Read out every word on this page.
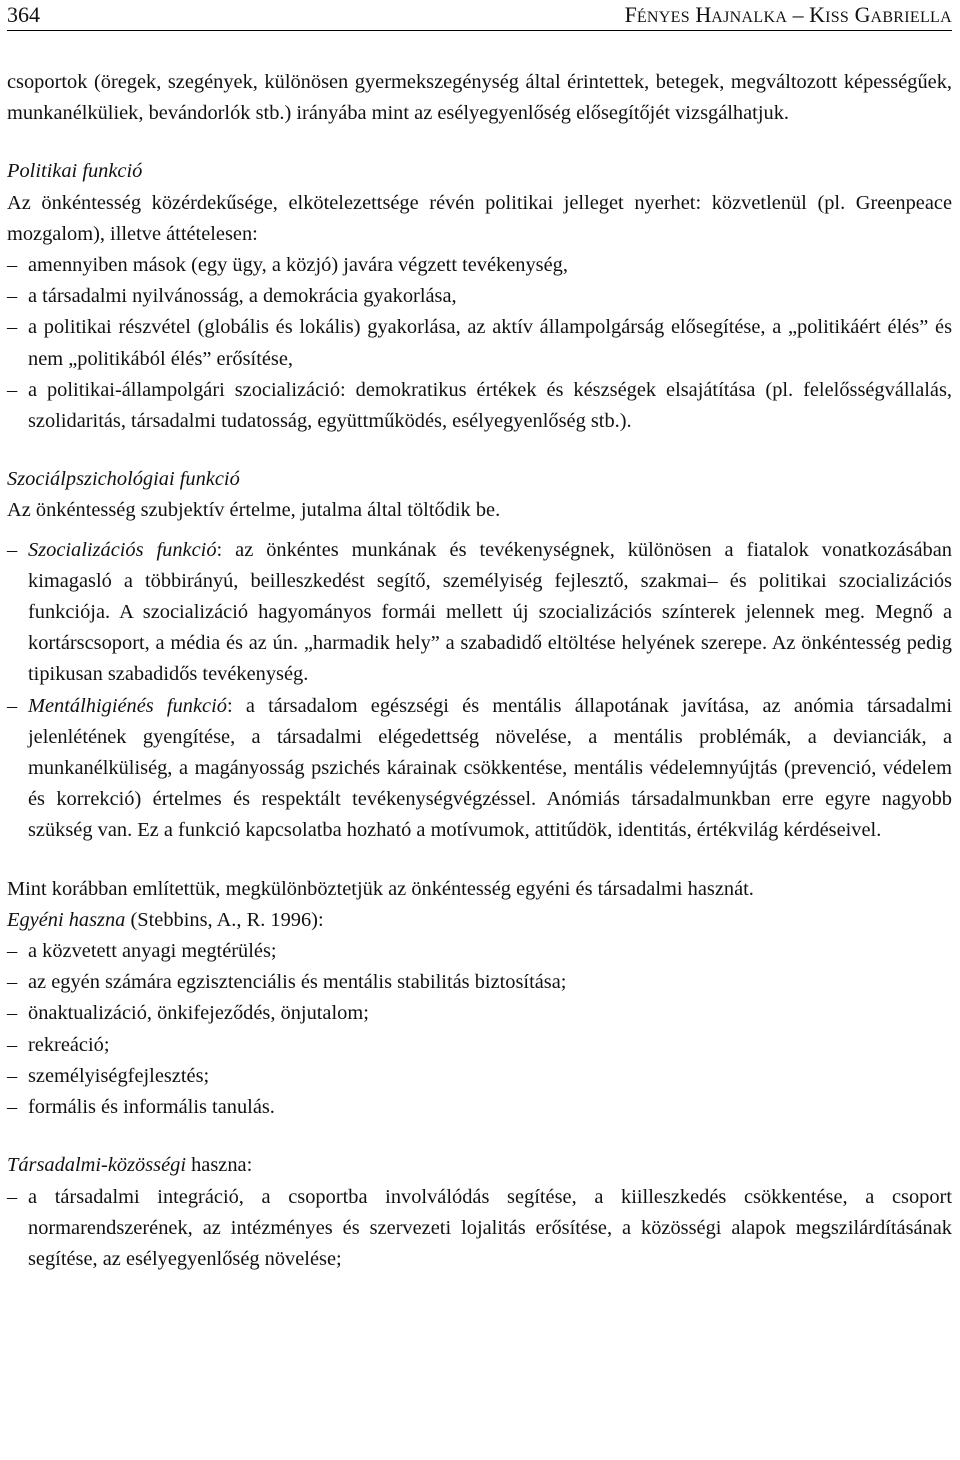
364	FÉNYES HAJNALKA – KISS GABRIELLA

csoportok (öregek, szegények, különösen gyermekszegénység által érintettek, betegek, megváltozott képességűek, munkanélküliek, bevándorlók stb.) irányába mint az esélyegyenlőség elősegítőjét vizsgálhatjuk.

Politikai funkció

Az önkéntesség közérdekűsége, elkötelezettsége révén politikai jelleget nyerhet: közvetlenül (pl. Greenpeace mozgalom), illetve áttételesen:

– amennyiben mások (egy ügy, a közjó) javára végzett tevékenység,
– a társadalmi nyilvánosság, a demokrácia gyakorlása,
– a politikai részvétel (globális és lokális) gyakorlása, az aktív állampolgárság elősegítése, a „politikáért élés” és nem „politikából élés” erősítése,
– a politikai-állampolgári szocializáció: demokratikus értékek és készségek elsajátítása (pl. felelősségvállalás, szolidaritás, társadalmi tudatosság, együttműködés, esélyegyenlőség stb.).

Szociálpszichológiai funkció

Az önkéntesség szubjektív értelme, jutalma által töltődik be.

– Szocializációs funkció: az önkéntes munkának és tevékenységnek, különösen a fiatalok vonatkozásában kimagasló a többirányú, beilleszkedést segítő, személyiség fejlesztő, szakmai– és politikai szocializációs funkciója. A szocializáció hagyományos formái mellett új szocializációs színterek jelennek meg. Megnő a kortárscsoport, a média és az ún. „harmadik hely” a szabadidő eltöltése helyének szerepe. Az önkéntesség pedig tipikusan szabadidős tevékenység.
– Mentálhigiénés funkció: a társadalom egészségi és mentális állapotának javítása, az anómia társadalmi jelenlétének gyengítése, a társadalmi elégedettség növelése, a mentális problémák, a devianciák, a munkanélküliség, a magányosság pszichés kárainak csökkentése, mentális védelemnyújtás (prevenció, védelem és korrekció) értelmes és respektált tevékenységvégzéssel. Anómiás társadalmunkban erre egyre nagyobb szükség van. Ez a funkció kapcsolatba hozható a motívumok, attitűdök, identitás, értékvilág kérdéseivel.

Mint korábban említettük, megkülönböztetjük az önkéntesség egyéni és társadalmi hasznát.

Egyéni haszna (Stebbins, A., R. 1996):

– a közvetett anyagi megtérülés;
– az egyén számára egzisztenciális és mentális stabilitás biztosítása;
– önaktualizáció, önkifejeződés, önjutalom;
– rekreáció;
– személyiségfejlesztés;
– formális és informális tanulás.

Társadalmi-közösségi haszna:

– a társadalmi integráció, a csoportba involválódás segítése, a kiilleszkedés csökkentése, a csoport normarendszerének, az intézményes és szervezeti lojalitás erősítése, a közösségi alapok megszilárdításának segítése, az esélyegyenlőség növelése;
